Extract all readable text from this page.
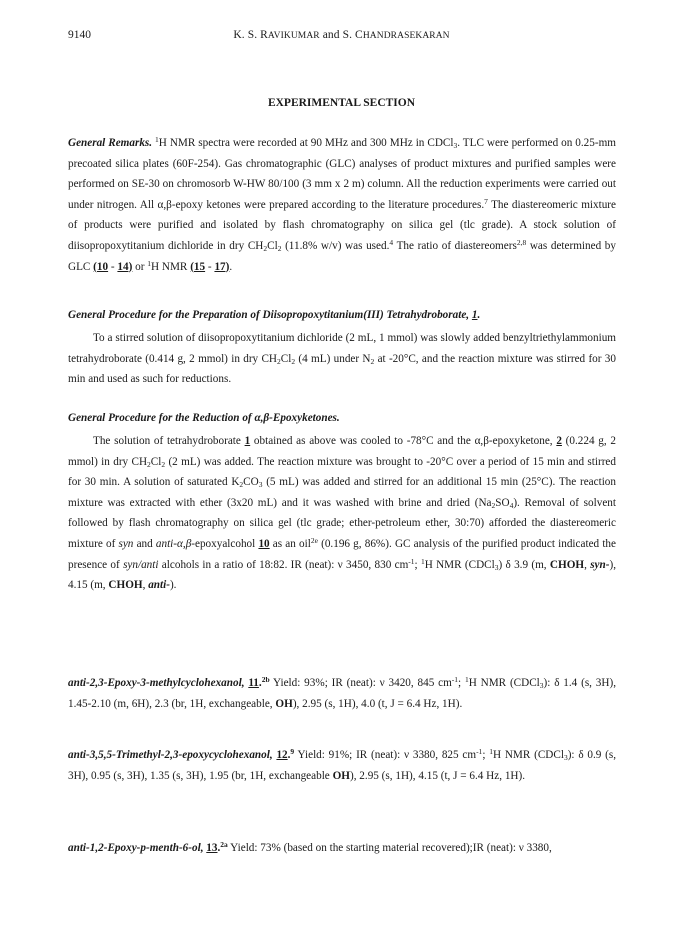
9140	K. S. RAVIKUMAR and S. CHANDRASEKARAN
EXPERIMENTAL SECTION

General Remarks. $^1$H NMR spectra were recorded at 90 MHz and 300 MHz in CDCl$_3$. TLC were performed on 0.25-mm precoated silica plates (60F-254). Gas chromatographic (GLC) analyses of product mixtures and purified samples were performed on SE-30 on chromosorb W-HW 80/100 (3 mm x 2 m) column. All the reduction experiments were carried out under nitrogen. All α,β-epoxy ketones were prepared according to the literature procedures.$^7$ The diastereomeric mixture of products were purified and isolated by flash chromatography on silica gel (tlc grade). A stock solution of diisopropoxytitanium dichloride in dry $CH_2Cl_2$ (11.8% w/v) was used.$^4$ The ratio of diastereomers$^{2,8}$ was determined by GLC (10 - 14) or $^1$H NMR (15 - 17).

General Procedure for the Preparation of Diisopropoxytitanium(III) Tetrahydroborate, 1.

To a stirred solution of diisopropoxytitanium dichloride (2 mL, 1 mmol) was slowly added benzyltriethylammonium tetrahydroborate (0.414 g, 2 mmol) in dry $CH_2Cl_2$ (4 mL) under $N_2$ at -20°C, and the reaction mixture was stirred for 30 min and used as such for reductions.

General Procedure for the Reduction of α,β-Epoxyketones.

The solution of tetrahydroborate 1 obtained as above was cooled to -78°C and the α,β-epoxyketone, 2 (0.224 g, 2 mmol) in dry $CH_2Cl_2$ (2 mL) was added. The reaction mixture was brought to -20°C over a period of 15 min and stirred for 30 min. A solution of saturated $K_2CO_3$ (5 mL) was added and stirred for an additional 15 min (25°C). The reaction mixture was extracted with ether (3x20 mL) and it was washed with brine and dried $(Na_2SO_4)$. Removal of solvent followed by flash chromatography on silica gel (tlc grade; ether-petroleum ether, 30:70) afforded the diastereomeric mixture of syn and anti-α,β-epoxyalcohol 10 as an oil$^{2e}$ (0.196 g, 86%). GC analysis of the purified product indicated the presence of syn/anti alcohols in a ratio of 18:82. IR (neat): ν 3450, 830 $cm^{-1}$; $^1$H NMR (CDCl$_3$) δ 3.9 (m, CHOH, syn-), 4.15 (m, CHOH, anti-).

anti-2,3-Epoxy-3-methylcyclohexanol, 11.$^{2b}$ Yield: 93%; IR (neat): ν 3420, 845 $cm^{-1}$; $^1$H NMR (CDCl$_3$): δ 1.4 (s, 3H), 1.45-2.10 (m, 6H), 2.3 (br, 1H, exchangeable, OH), 2.95 (s, 1H), 4.0 (t, J = 6.4 Hz, 1H).

anti-3,5,5-Trimethyl-2,3-epoxycyclohexanol, 12.$^9$ Yield: 91%; IR (neat): ν 3380, 825 $cm^{-1}$; $^1$H NMR (CDCl$_3$): δ 0.9 (s, 3H), 0.95 (s, 3H), 1.35 (s, 3H), 1.95 (br, 1H, exchangeable OH), 2.95 (s, 1H), 4.15 (t, J = 6.4 Hz, 1H).

anti-1,2-Epoxy-p-menth-6-ol, 13.$^{2a}$ Yield: 73% (based on the starting material recovered);IR (neat): ν 3380,
